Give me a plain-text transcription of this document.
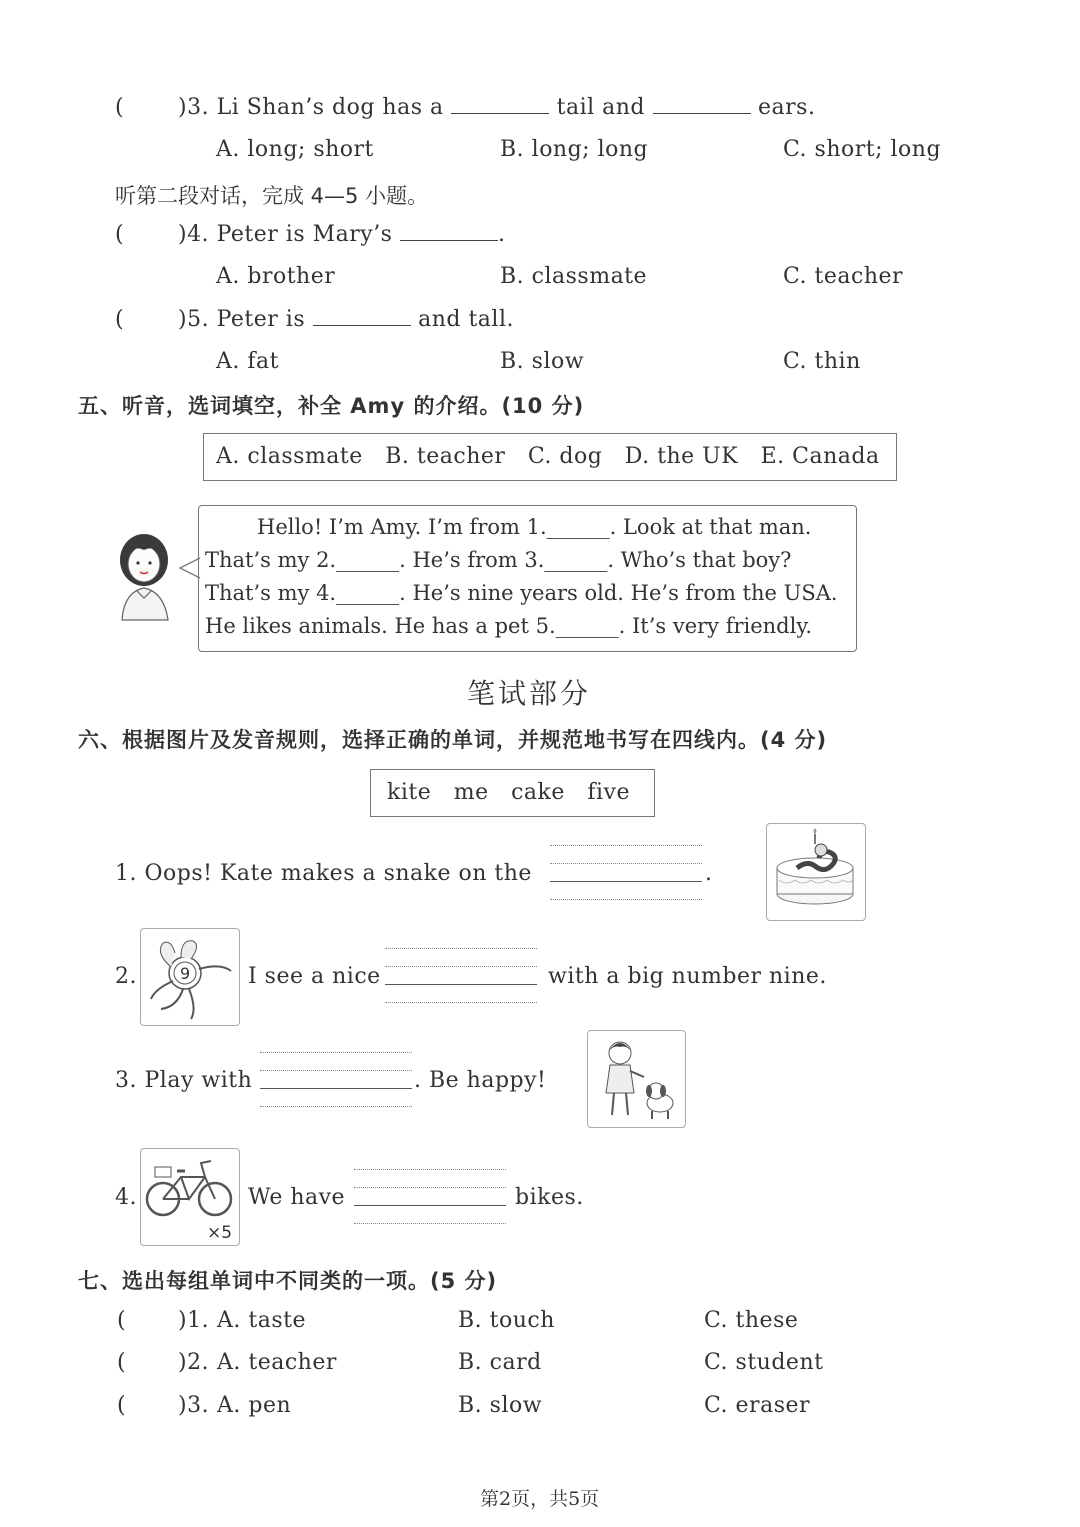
( )3. Li Shan’s dog has a	tail and	ears.
A. long; short	B. long; long	C. short; long
听第二段对话，完成 4—5 小题。
( )4. Peter is Mary’s	.
A. brother	B. classmate	C. teacher
( )5. Peter is	and tall.
A. fat	B. slow	C. thin
五、听音，选词填空，补全 Amy 的介绍。(10 分)
A. classmate   B. teacher   C. dog   D. the UK   E. Canada
Hello! I’m Amy. I’m from 1.______. Look at that man.
That’s my 2.______. He’s from 3.______. Who’s that boy?
That’s my 4.______. He’s nine years old. He’s from the USA.
He likes animals. He has a pet 5.______. It’s very friendly.
笔试部分
六、根据图片及发音规则，选择正确的单词，并规范地书写在四线内。(4 分)
kite   me   cake   five
1. Oops! Kate makes a snake on the	.
2.	9	I see a nice	with a big number nine.
3. Play with	. Be happy!
4.
×5
We have	bikes.
七、选出每组单词中不同类的一项。(5 分)
( )1. A. taste	B. touch	C. these
( )2. A. teacher	B. card	C. student
( )3. A. pen	B. slow	C. eraser
第2页，共5页
